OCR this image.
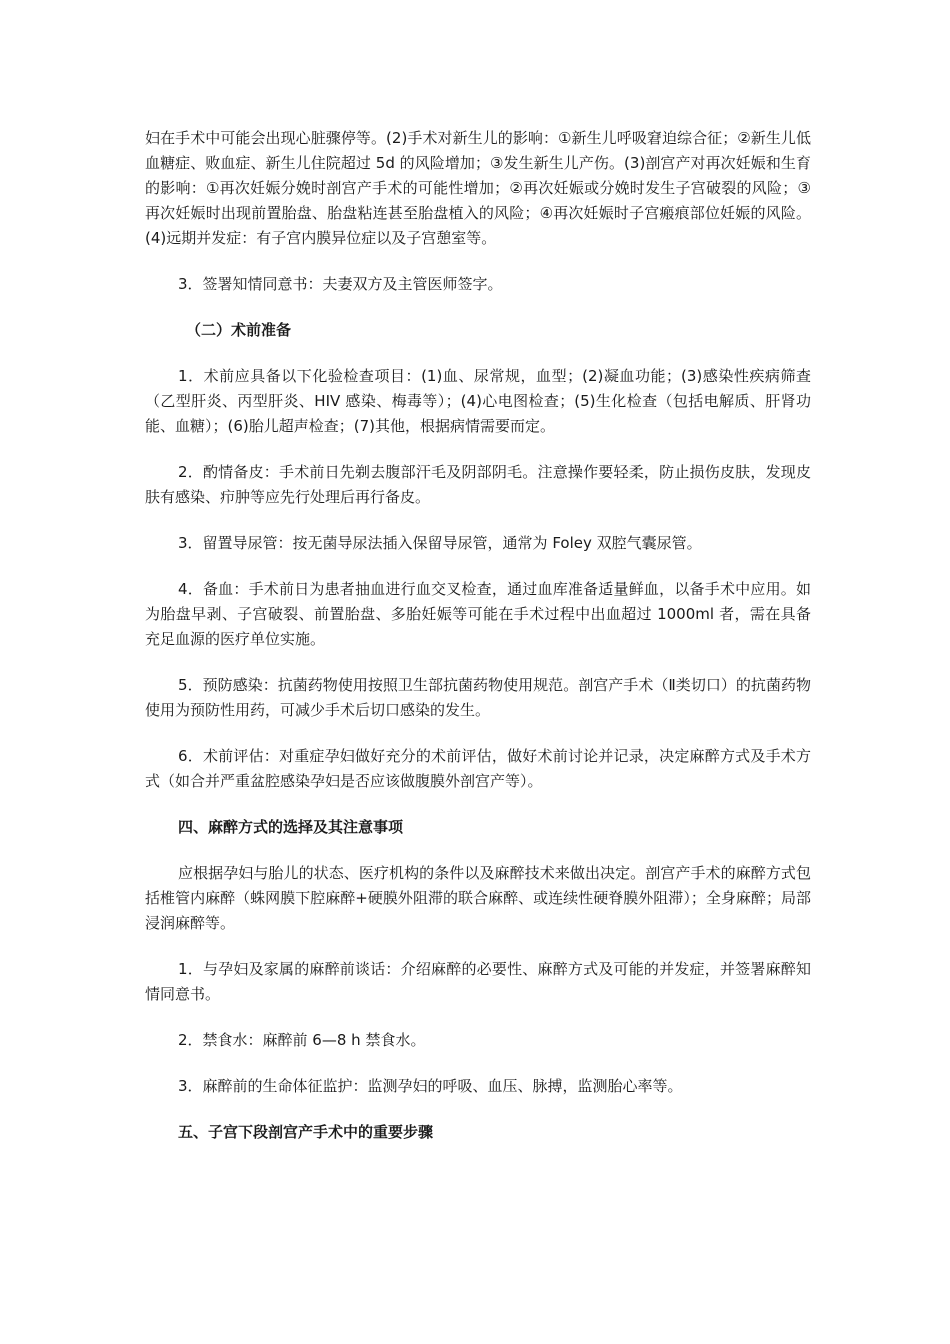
妇在手术中可能会出现心脏骤停等。(2)手术对新生儿的影响：①新生儿呼吸窘迫综合征；②新生儿低血糖症、败血症、新生儿住院超过 5d 的风险增加；③发生新生儿产伤。(3)剖宫产对再次妊娠和生育的影响：①再次妊娠分娩时剖宫产手术的可能性增加；②再次妊娠或分娩时发生子宫破裂的风险；③再次妊娠时出现前置胎盘、胎盘粘连甚至胎盘植入的风险；④再次妊娠时子宫瘢痕部位妊娠的风险。(4)远期并发症：有子宫内膜异位症以及子宫憩室等。

3．签署知情同意书：夫妻双方及主管医师签字。

（二）术前准备

1．术前应具备以下化验检查项目：(1)血、尿常规，血型；(2)凝血功能；(3)感染性疾病筛查（乙型肝炎、丙型肝炎、HIV 感染、梅毒等）；(4)心电图检查；(5)生化检查（包括电解质、肝肾功能、血糖）；(6)胎儿超声检查；(7)其他，根据病情需要而定。

2．酌情备皮：手术前日先剃去腹部汗毛及阴部阴毛。注意操作要轻柔，防止损伤皮肤，发现皮肤有感染、疖肿等应先行处理后再行备皮。

3．留置导尿管：按无菌导尿法插入保留导尿管，通常为 Foley 双腔气囊尿管。

4．备血：手术前日为患者抽血进行血交叉检查，通过血库准备适量鲜血，以备手术中应用。如为胎盘早剥、子宫破裂、前置胎盘、多胎妊娠等可能在手术过程中出血超过 1000ml 者，需在具备充足血源的医疗单位实施。

5．预防感染：抗菌药物使用按照卫生部抗菌药物使用规范。剖宫产手术（Ⅱ类切口）的抗菌药物使用为预防性用药，可减少手术后切口感染的发生。

6．术前评估：对重症孕妇做好充分的术前评估，做好术前讨论并记录，决定麻醉方式及手术方式（如合并严重盆腔感染孕妇是否应该做腹膜外剖宫产等）。

四、麻醉方式的选择及其注意事项

应根据孕妇与胎儿的状态、医疗机构的条件以及麻醉技术来做出决定。剖宫产手术的麻醉方式包括椎管内麻醉（蛛网膜下腔麻醉+硬膜外阻滞的联合麻醉、或连续性硬脊膜外阻滞）；全身麻醉；局部浸润麻醉等。

1．与孕妇及家属的麻醉前谈话：介绍麻醉的必要性、麻醉方式及可能的并发症，并签署麻醉知情同意书。

2．禁食水：麻醉前 6—8 h 禁食水。

3．麻醉前的生命体征监护：监测孕妇的呼吸、血压、脉搏，监测胎心率等。

五、子宫下段剖宫产手术中的重要步骤
